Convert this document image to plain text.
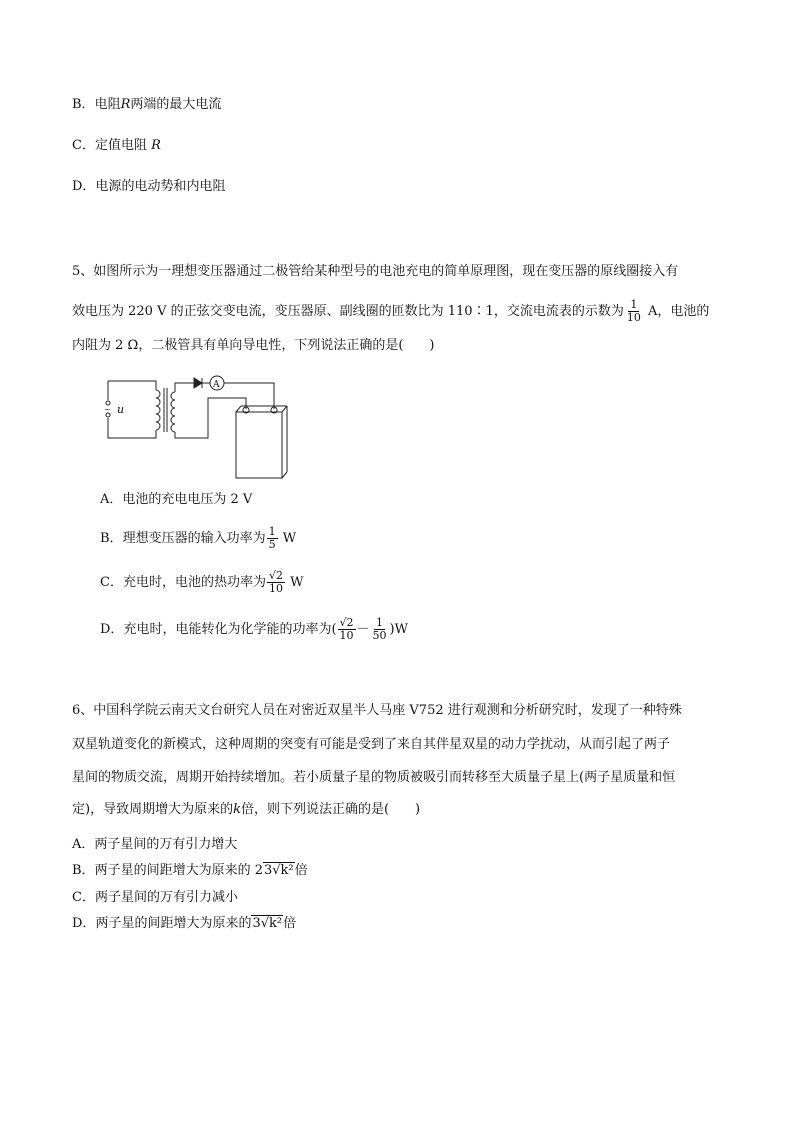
B．电阻R两端的最大电流
C．定值电阻 R
D．电源的电动势和内电阻
5、如图所示为一理想变压器通过二极管给某种型号的电池充电的简单原理图，现在变压器的原线圈接入有
效电压为 220 V 的正弦交变电流，变压器原、副线圈的匝数比为 110∶1，交流电流表的示数为 $\frac{1}{10}$ A，电池的
内阻为 2 Ω，二极管具有单向导电性，下列说法正确的是(　　)
~ u
A
A．电池的充电电压为 2 V
B．理想变压器的输入功率为 $\frac{1}{5}$ W
C．充电时，电池的热功率为 $\frac{√2}{10}$ W
D．充电时，电能转化为化学能的功率为( $\frac{√2}{10} - \frac{1}{50} )W$
6、中国科学院云南天文台研究人员在对密近双星半人马座 V752 进行观测和分析研究时，发现了一种特殊
双星轨道变化的新模式，这种周期的突变有可能是受到了来自其伴星双星的动力学扰动，从而引起了两子
星间的物质交流，周期开始持续增加。若小质量子星的物质被吸引而转移至大质量子星上(两子星质量和恒
定)，导致周期增大为原来的k倍，则下列说法正确的是(　　)
A．两子星间的万有引力增大
B．两子星的间距增大为原来的 23√k²倍
C．两子星间的万有引力减小
D．两子星的间距增大为原来的3√k²倍
